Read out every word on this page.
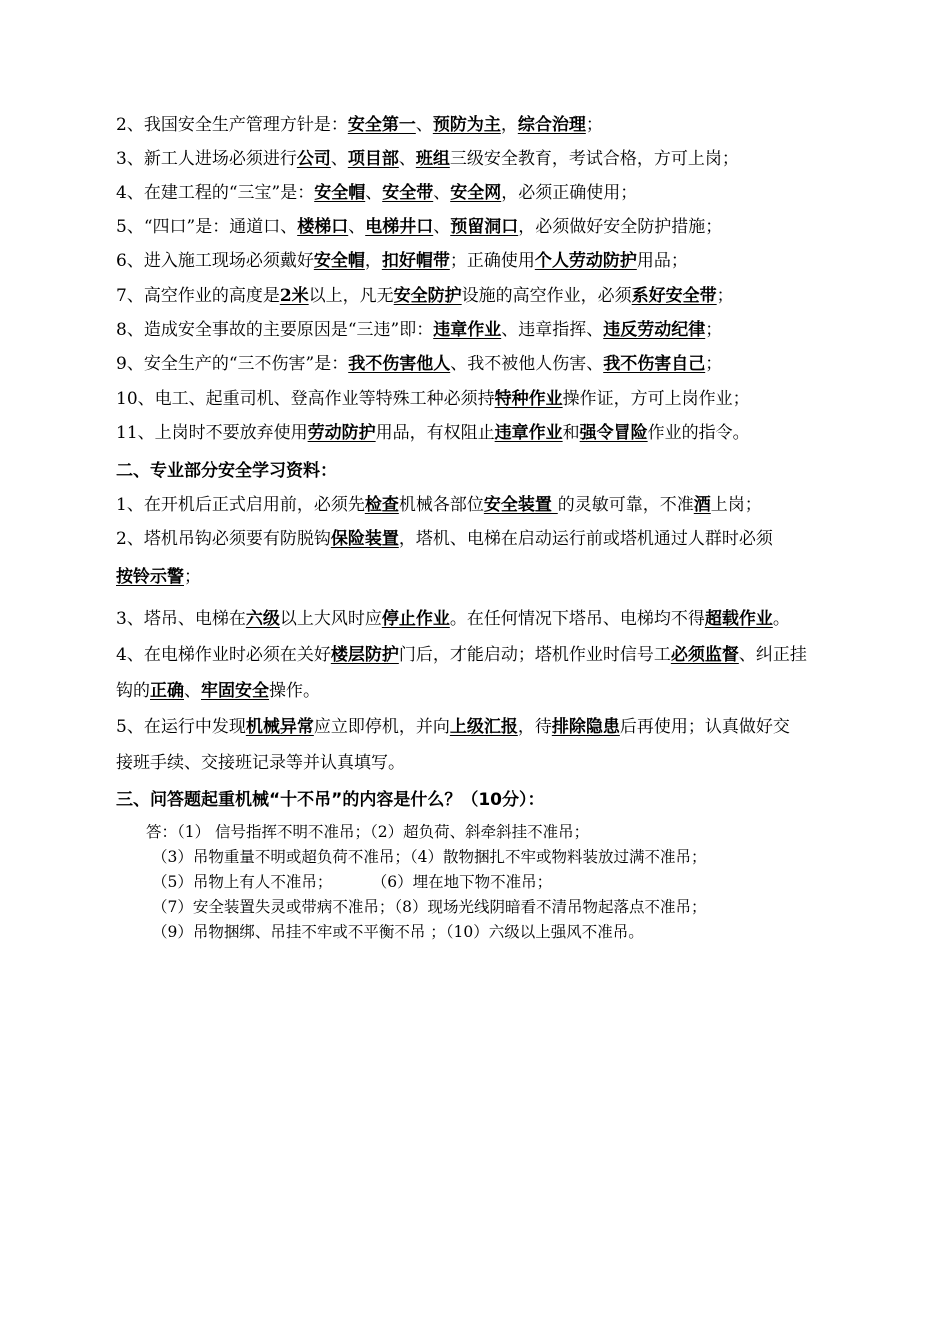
2、我国安全生产管理方针是：安全第一、预防为主，综合治理；
3、新工人进场必须进行公司、项目部、班组三级安全教育，考试合格，方可上岗；
4、在建工程的“三宝”是：安全帽、安全带、安全网，必须正确使用；
5、“四口”是：通道口、楼梯口、电梯井口、预留洞口，必须做好安全防护措施；
6、进入施工现场必须戴好安全帽，扣好帽带；正确使用个人劳动防护用品；
7、高空作业的高度是2米以上，凡无安全防护设施的高空作业，必须系好安全带；
8、造成安全事故的主要原因是“三违”即：违章作业、违章指挥、违反劳动纪律；
9、安全生产的“三不伤害”是：我不伤害他人、我不被他人伤害、我不伤害自己；
10、电工、起重司机、登高作业等特殊工种必须持特种作业操作证，方可上岗作业；
11、上岗时不要放弃使用劳动防护用品，有权阻止违章作业和强令冒险作业的指令。
二、专业部分安全学习资料：
1、在开机后正式启用前，必须先检查机械各部位安全装置 的灵敏可靠，不准酒上岗；
2、塔机吊钩必须要有防脱钩保险装置，塔机、电梯在启动运行前或塔机通过人群时必须
按铃示警；
3、塔吊、电梯在六级以上大风时应停止作业。在任何情况下塔吊、电梯均不得超载作业。
4、在电梯作业时必须在关好楼层防护门后，才能启动；塔机作业时信号工必须监督、纠正挂
钩的正确、牢固安全操作。
5、在运行中发现机械异常应立即停机，并向上级汇报，待排除隐患后再使用；认真做好交
接班手续、交接班记录等并认真填写。
三、问答题起重机械“十不吊”的内容是什么？（10分）：
答：（1） 信号指挥不明不准吊；（2）超负荷、斜牵斜挂不准吊；
（3）吊物重量不明或超负荷不准吊；（4）散物捆扎不牢或物料装放过满不准吊；
（5）吊物上有人不准吊；        （6）埋在地下物不准吊；
（7）安全装置失灵或带病不准吊；（8）现场光线阴暗看不清吊物起落点不准吊；
（9）吊物捆绑、吊挂不牢或不平衡不吊 ；（10）六级以上强风不准吊。
